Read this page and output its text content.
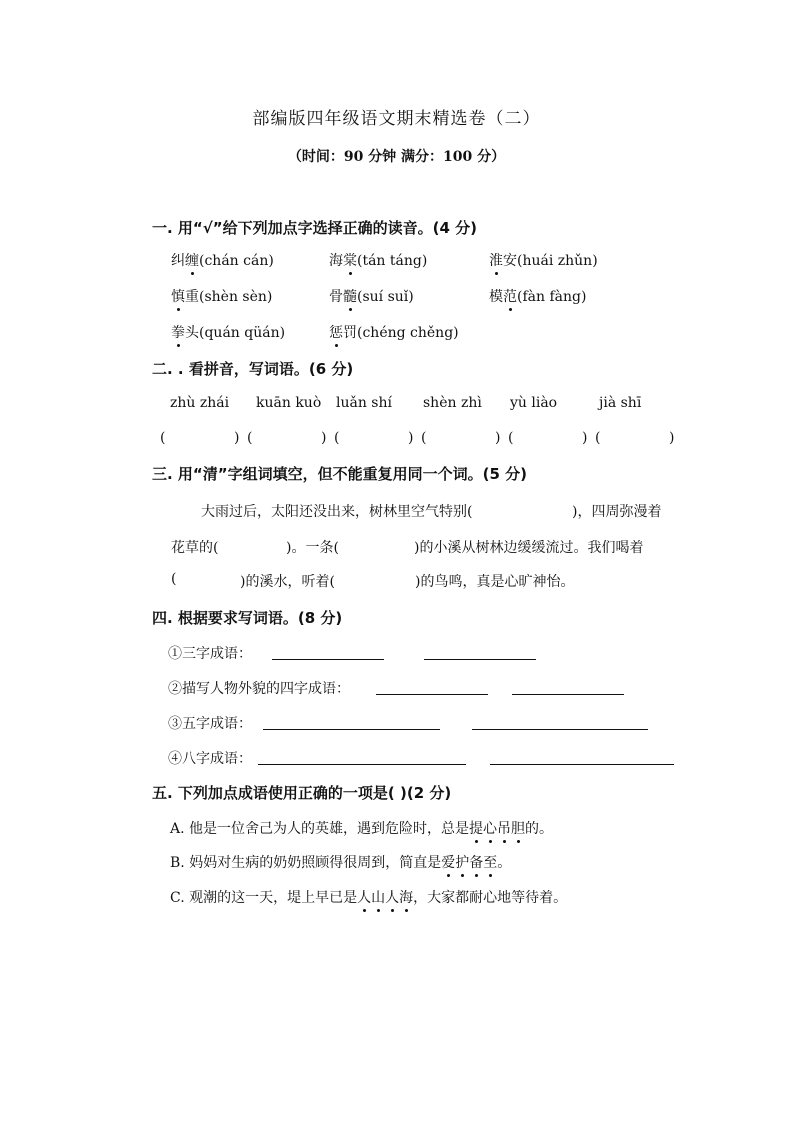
部编版四年级语文期末精选卷（二）
（时间：90 分钟 满分：100 分）
一. 用“√”给下列加点字选择正确的读音。(4 分)
纠缠(chán cán)	海棠(tán táng)	淮安(huái zhǔn)
慎重(shèn sèn)	骨髓(suí suǐ)	模范(fàn fàng)
拳头(quán qüán)	惩罚(chéng chěng)
二. . 看拼音，写词语。(6 分)
zhù zhái kuān kuò luǎn shí shèn zhì yù liào	jià shī
(	) (	) (	) (	) (	) (	)
三. 用“清”字组词填空，但不能重复用同一个词。(5 分)
大雨过后，太阳还没出来，树林里空气特别(	)，四周弥漫着
花草的(	)。一条(	)的小溪从树林边缓缓流过。我们喝着
(	)的溪水，听着(	)的鸟鸣，真是心旷神怡。
四. 根据要求写词语。(8 分)
①三字成语：
②描写人物外貌的四字成语：
③五字成语：
④八字成语：
五. 下列加点成语使用正确的一项是( )(2 分)
A. 他是一位舍己为人的英雄，遇到危险时，总是提心吊胆的。
B. 妈妈对生病的奶奶照顾得很周到，简直是爱护备至。
C. 观潮的这一天，堤上早已是人山人海，大家都耐心地等待着。
